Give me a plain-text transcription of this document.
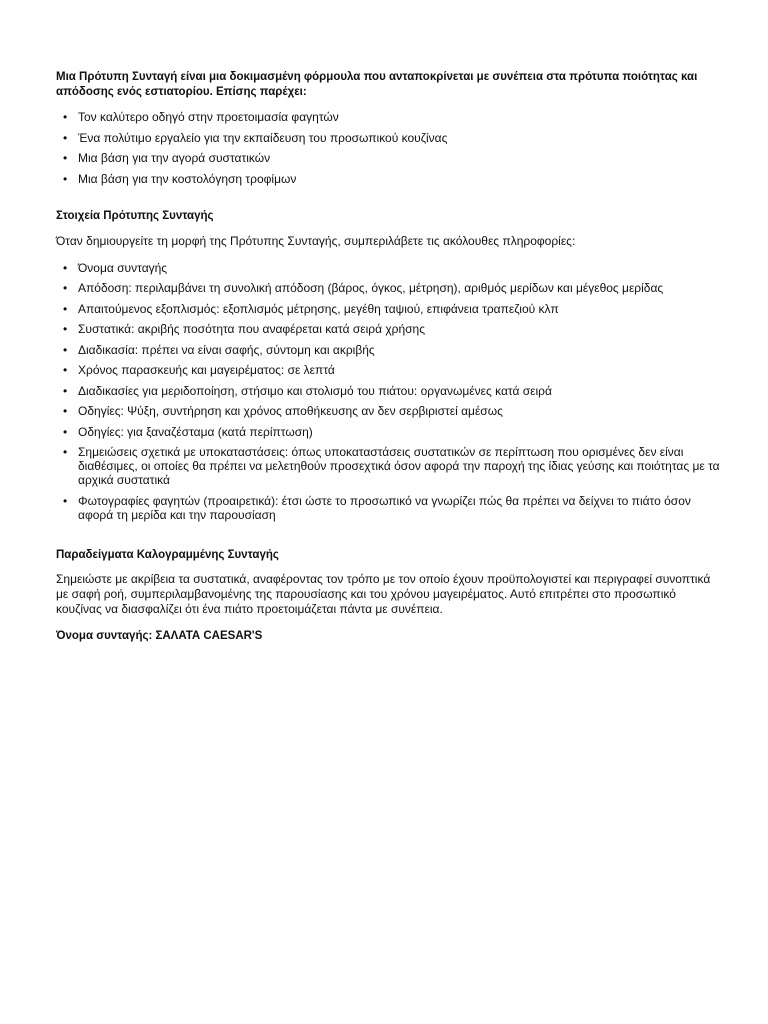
Μια Πρότυπη Συνταγή είναι μια δοκιμασμένη φόρμουλα που ανταποκρίνεται με συνέπεια στα πρότυπα ποιότητας και απόδοσης ενός εστιατορίου. Επίσης παρέχει:

• Τον καλύτερο οδηγό στην προετοιμασία φαγητών
• Ένα πολύτιμο εργαλείο για την εκπαίδευση του προσωπικού κουζίνας
• Μια βάση για την αγορά συστατικών
• Μια βάση για την κοστολόγηση τροφίμων

Στοιχεία Πρότυπης Συνταγής

Όταν δημιουργείτε τη μορφή της Πρότυπης Συνταγής, συμπεριλάβετε τις ακόλουθες πληροφορίες:

• Όνομα συνταγής
• Απόδοση: περιλαμβάνει τη συνολική απόδοση (βάρος, όγκος, μέτρηση), αριθμός μερίδων και μέγεθος μερίδας
• Απαιτούμενος εξοπλισμός: εξοπλισμός μέτρησης, μεγέθη ταψιού, επιφάνεια τραπεζιού κλπ
• Συστατικά: ακριβής ποσότητα που αναφέρεται κατά σειρά χρήσης
• Διαδικασία: πρέπει να είναι σαφής, σύντομη και ακριβής
• Χρόνος παρασκευής και μαγειρέματος: σε λεπτά
• Διαδικασίες για μεριδοποίηση, στήσιμο και στολισμό του πιάτου: οργανωμένες κατά σειρά
• Οδηγίες: Ψύξη, συντήρηση και χρόνος αποθήκευσης αν δεν σερβιριστεί αμέσως
• Οδηγίες: για ξαναζέσταμα (κατά περίπτωση)
• Σημειώσεις σχετικά με υποκαταστάσεις: όπως υποκαταστάσεις συστατικών σε περίπτωση που ορισμένες δεν είναι διαθέσιμες, οι οποίες θα πρέπει να μελετηθούν προσεχτικά όσον αφορά την παροχή της ίδιας γεύσης και ποιότητας με τα αρχικά συστατικά
• Φωτογραφίες φαγητών (προαιρετικά): έτσι ώστε το προσωπικό να γνωρίζει πώς θα πρέπει να δείχνει το πιάτο όσον αφορά τη μερίδα και την παρουσίαση

Παραδείγματα Καλογραμμένης Συνταγής

Σημειώστε με ακρίβεια τα συστατικά, αναφέροντας τον τρόπο με τον οποίο έχουν προϋπολογιστεί και περιγραφεί συνοπτικά με σαφή ροή, συμπεριλαμβανομένης της παρουσίασης και του χρόνου μαγειρέματος. Αυτό επιτρέπει στο προσωπικό κουζίνας να διασφαλίζει ότι ένα πιάτο προετοιμάζεται πάντα με συνέπεια.

Όνομα συνταγής: ΣΑΛΑΤΑ CAESAR'S
